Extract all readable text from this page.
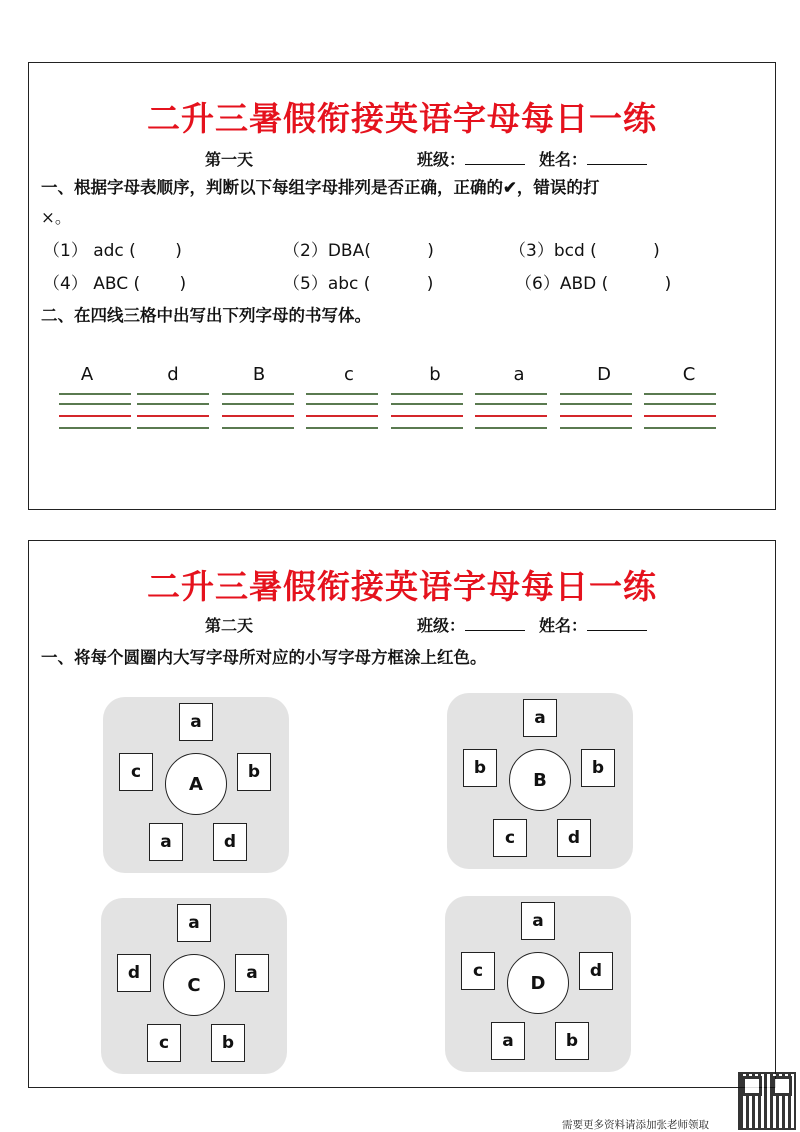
二升三暑假衔接英语字母每日一练
第一天	班级：	姓名：
一、根据字母表顺序，判断以下每组字母排列是否正确，正确的✔，错误的打
×。
（1） adc (　　 )	（2）DBA(　　　 )	（3）bcd (　　　 )
（4） ABC (　　 )	（5）abc (　　　 )	（6）ABD (　　　 )
二、在四线三格中出写出下列字母的书写体。
A	d	B	c	b	a	D	C
二升三暑假衔接英语字母每日一练
第二天	班级：	姓名：
一、将每个圆圈内大写字母所对应的小写字母方框涂上红色。
a
c	b
A
a	d
a
b	b
B
c	d
a
d	a
C
c	b
a
c	d
D
a	b
需要更多资料请添加张老师领取
